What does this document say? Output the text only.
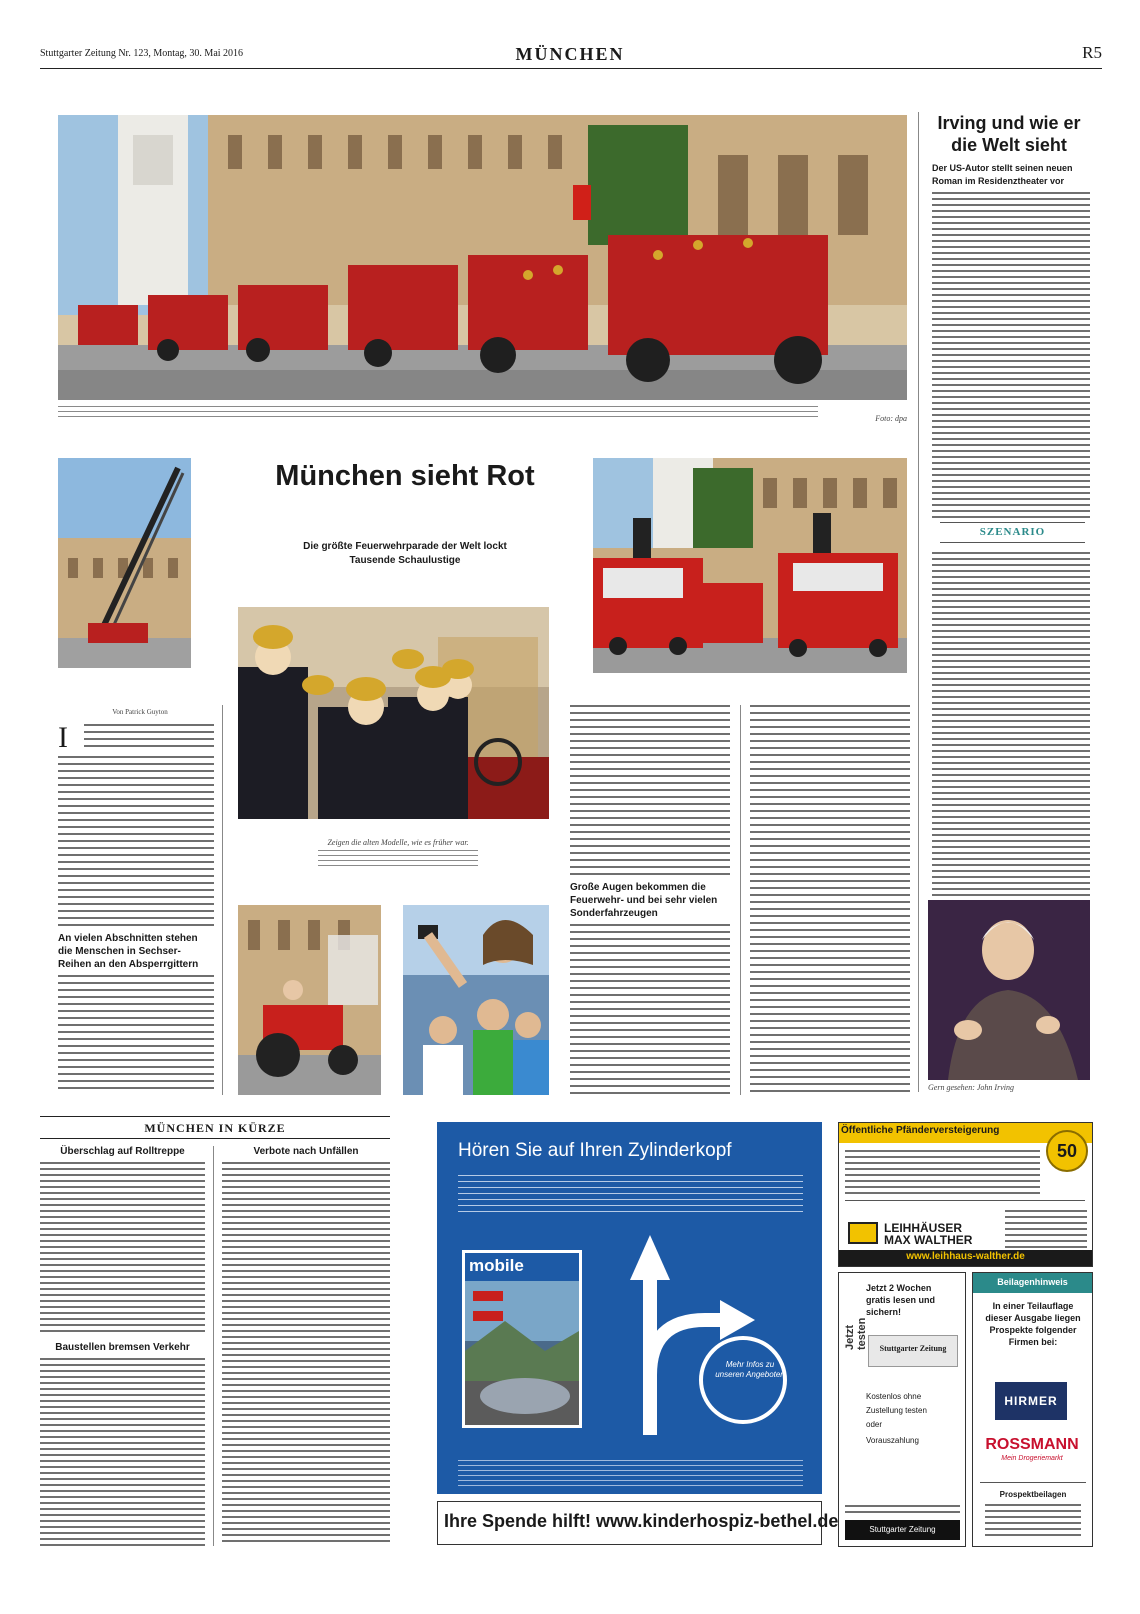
Stuttgarter Zeitung Nr. 123, Montag, 30. Mai 2016	MÜNCHEN	R5
Foto: dpa
München sieht Rot
Die größte Feuerwehrparade der Welt lockt Tausende Schaulustige
Zeigen die alten Modelle, wie es früher war.
Irving und wie er die Welt sieht
Der US-Autor stellt seinen neuen Roman im Residenztheater vor
SZENARIO
Gern gesehen: John Irving
Von Patrick Guyton
I
An vielen Abschnitten stehen die Menschen in Sechser-Reihen an den Absperrgittern
Große Augen bekommen die Feuerwehr- und bei sehr vielen Sonderfahrzeugen
MÜNCHEN IN KÜRZE
Überschlag auf Rolltreppe
Baustellen bremsen Verkehr
Verbote nach Unfällen	Hören Sie auf Ihren Zylinderkopf
mobile
Mehr Infos zu unseren Angeboten
Ihre Spende hilft! www.kinderhospiz-bethel.de
Öffentliche Pfänderversteigerung
50
LEIHHÄUSER
MAX WALTHER
www.leihhaus-walther.de
Jetzt testen
Jetzt 2 Wochen gratis lesen und sichern!
Stuttgarter Zeitung
Kostenlos ohne Zustellung testen
oder
Vorauszahlung
Stuttgarter Zeitung
Beilagenhinweis
In einer Teilauflage dieser Ausgabe liegen Prospekte folgender Firmen bei:
HIRMER
ROSSMANN
Mein Drogeriemarkt
Prospektbeilagen
